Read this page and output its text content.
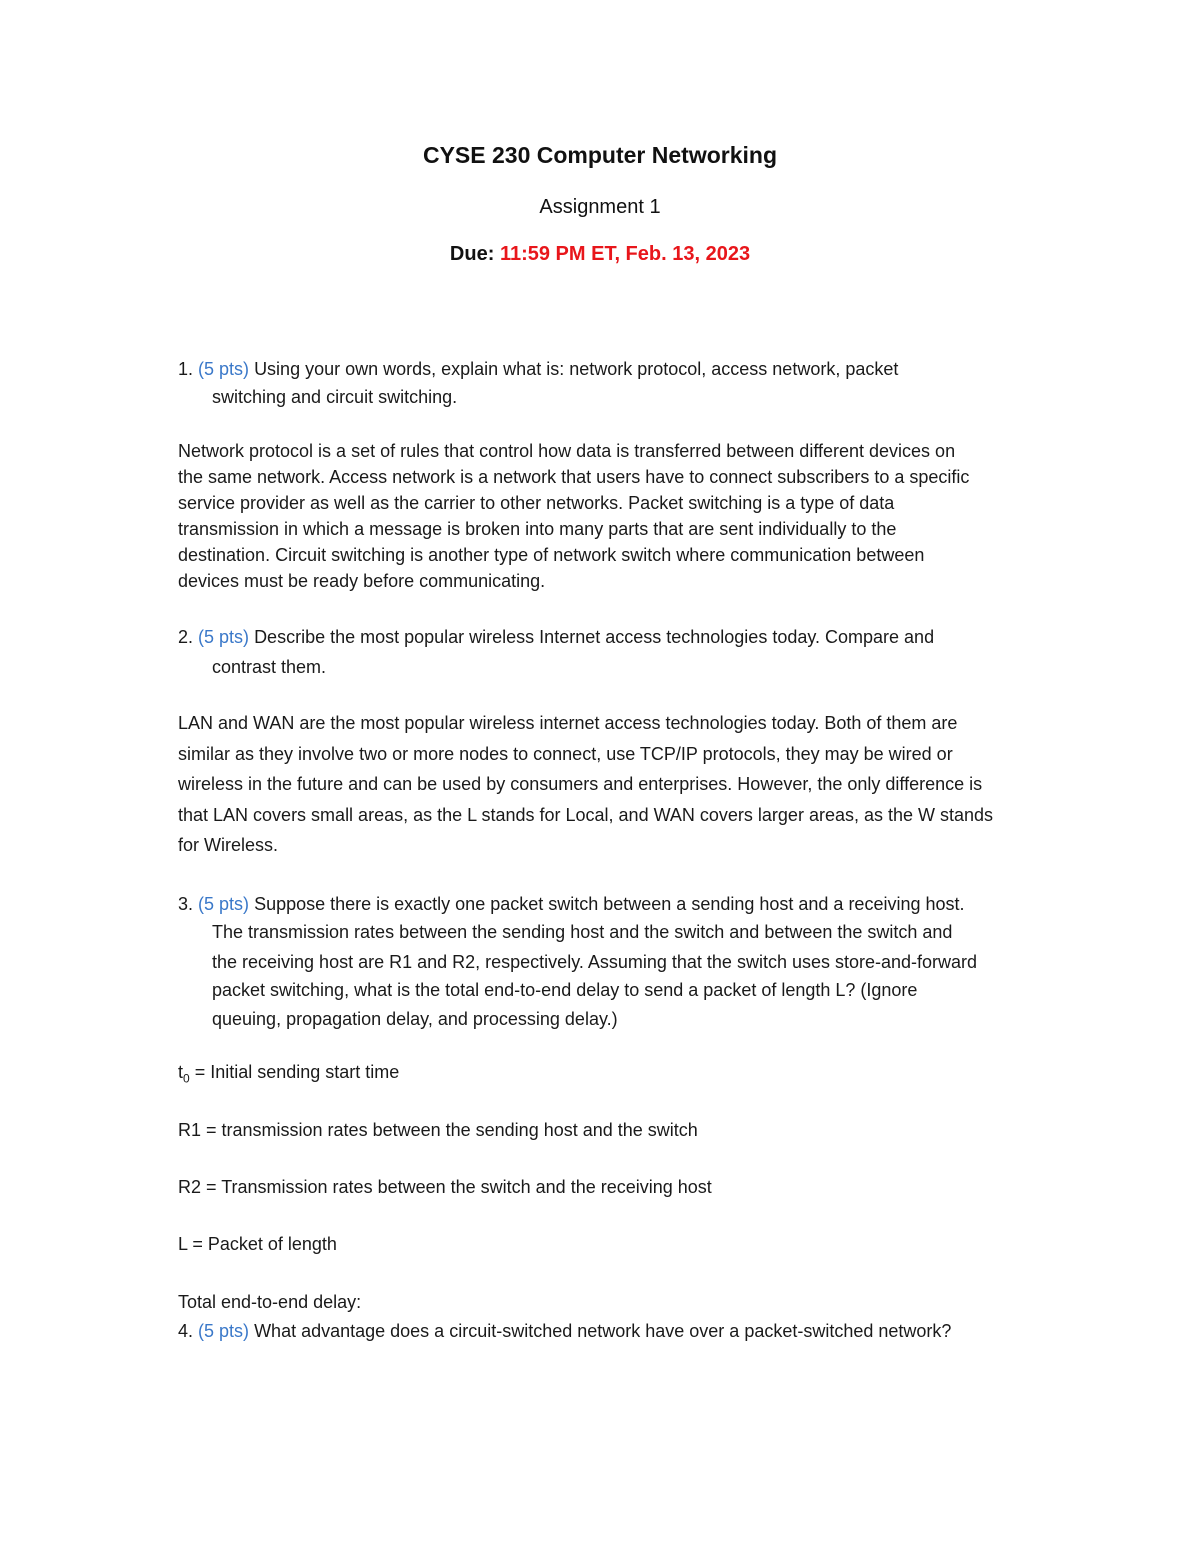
CYSE 230 Computer Networking
Assignment 1
Due: 11:59 PM ET, Feb. 13, 2023
1. (5 pts) Using your own words, explain what is: network protocol, access network, packet
switching and circuit switching.
Network protocol is a set of rules that control how data is transferred between different devices on
the same network. Access network is a network that users have to connect subscribers to a specific
service provider as well as the carrier to other networks. Packet switching is a type of data
transmission in which a message is broken into many parts that are sent individually to the
destination. Circuit switching is another type of network switch where communication between
devices must be ready before communicating.
2. (5 pts) Describe the most popular wireless Internet access technologies today. Compare and
contrast them.
LAN and WAN are the most popular wireless internet access technologies today. Both of them are
similar as they involve two or more nodes to connect, use TCP/IP protocols, they may be wired or
wireless in the future and can be used by consumers and enterprises. However, the only difference is
that LAN covers small areas, as the L stands for Local, and WAN covers larger areas, as the W stands
for Wireless.
3. (5 pts) Suppose there is exactly one packet switch between a sending host and a receiving host.
The transmission rates between the sending host and the switch and between the switch and
the receiving host are R1 and R2, respectively. Assuming that the switch uses store-and-forward
packet switching, what is the total end-to-end delay to send a packet of length L? (Ignore
queuing, propagation delay, and processing delay.)
$t_0$ = Initial sending start time
R1 = transmission rates between the sending host and the switch
R2 = Transmission rates between the switch and the receiving host
L = Packet of length
Total end-to-end delay:
4. (5 pts) What advantage does a circuit-switched network have over a packet-switched network?
